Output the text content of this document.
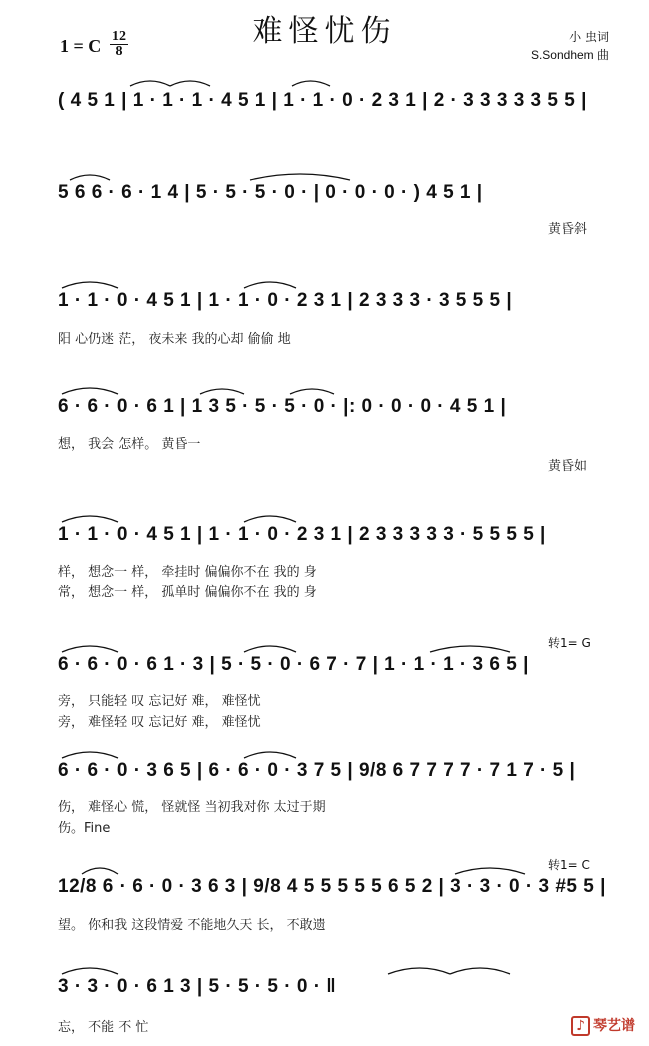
难怪忧伤
1 = C 12
8
小 虫词
S.Sondhem 曲
( 4 5 1 | 1 · 1 · 1 · 4 5 1 | 1 · 1 · 0 · 2 3 1 | 2 · 3 3 3 3 3 5 5 |
5 6 6 · 6 · 1 4 | 5 · 5 · 5 · 0 · | 0 · 0 · 0 · ) 4 5 1 |
黄昏斜
1 · 1 · 0 · 4 5 1 | 1 · 1 · 0 · 2 3 1 | 2 3 3 3 · 3 5 5 5 |
阳 心仍迷 茫， 夜未来 我的心却 偷偷 地
6 · 6 · 0 · 6 1 | 1 3 5 · 5 · 5 · 0 · |: 0 · 0 · 0 · 4 5 1 |
想， 我会 怎样。 黄昏一
黄昏如
1 · 1 · 0 · 4 5 1 | 1 · 1 · 0 · 2 3 1 | 2 3 3 3 3 3 · 5 5 5 5 |
样， 想念一 样， 牵挂时 偏偏你不在 我的 身
常， 想念一 样， 孤单时 偏偏你不在 我的 身
转1= G
6 · 6 · 0 · 6 1 · 3 | 5 · 5 · 0 · 6 7 · 7 | 1 · 1 · 1 · 3 6 5 |
旁， 只能轻 叹 忘记好 难， 难怪忧
旁， 难怪轻 叹 忘记好 难， 难怪忧
6 · 6 · 0 · 3 6 5 | 6 · 6 · 0 · 3 7 5 | 9/8 6 7 7 7 7 · 7 1 7 · 5 |
伤， 难怪心 慌， 怪就怪 当初我对你 太过于期
伤。Fine
转1= C
12/8 6 · 6 · 0 · 3 6 3 | 9/8 4 5 5 5 5 5 6 5 2 | 3 · 3 · 0 · 3 #5 5 |
望。 你和我 这段情爱 不能地久天 长， 不敢遗
3 · 3 · 0 · 6 1 3 | 5 · 5 · 5 · 0 · ‖
忘， 不能 不 忙	♪ 琴艺谱
